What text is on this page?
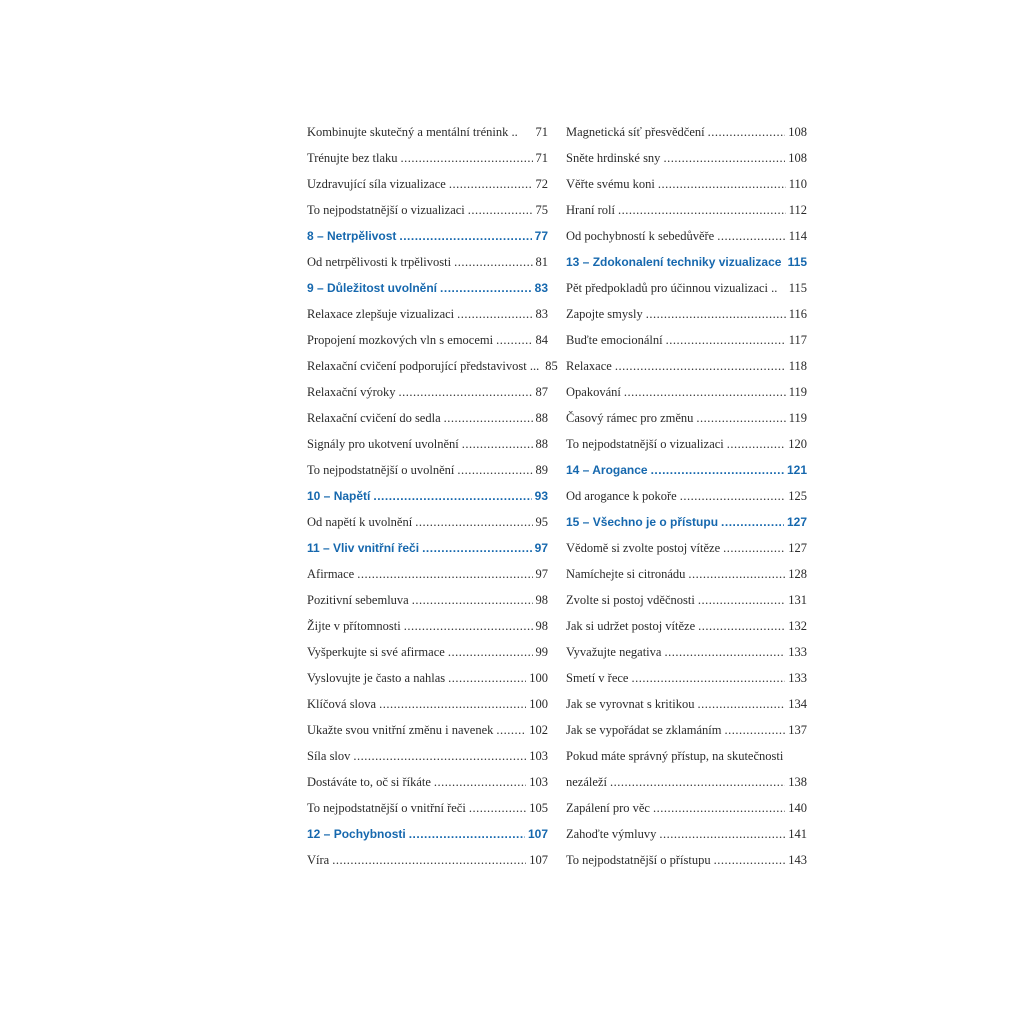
Kombinujte skutečný a mentální trénink .. 71
Trénujte bez tlaku .....	71
Uzdravující síla vizualizace .....	72
To nejpodstatnější o vizualizaci .....	75
8 – Netrpělivost .....	77
Od netrpělivosti k trpělivosti .....	81
9 – Důležitost uvolnění .....	83
Relaxace zlepšuje vizualizaci .....	83
Propojení mozkových vln s emocemi .....	84
Relaxační cvičení podporující představivost ... 85
Relaxační výroky .....	87
Relaxační cvičení do sedla .....	88
Signály pro ukotvení uvolnění .....	88
To nejpodstatnější o uvolnění .....	89
10 – Napětí .....	93
Od napětí k uvolnění .....	95
11 – Vliv vnitřní řeči .....	97
Afirmace .....	97
Pozitivní sebemluva .....	98
Žijte v přítomnosti .....	98
Vyšperkujte si své afirmace .....	99
Vyslovujte je často a nahlas .....	100
Klíčová slova .....	100
Ukažte svou vnitřní změnu i navenek .....	102
Síla slov .....	103
Dostáváte to, oč si říkáte .....	103
To nejpodstatnější o vnitřní řeči .....	105
12 – Pochybnosti .....	107
Víra .....	107
Magnetická síť přesvědčení .....	108
Sněte hrdinské sny .....	108
Věřte svému koni .....	110
Hraní rolí .....	112
Od pochybností k sebedůvěře .....	114
13 – Zdokonalení techniky vizualizace 115
Pět předpokladů pro účinnou vizualizaci .. 115
Zapojte smysly .....	116
Buďte emocionální .....	117
Relaxace .....	118
Opakování .....	119
Časový rámec pro změnu .....	119
To nejpodstatnější o vizualizaci .....	120
14 – Arogance .....	121
Od arogance k pokoře .....	125
15 – Všechno je o přístupu .....	127
Vědomě si zvolte postoj vítěze .....	127
Namíchejte si citronádu .....	128
Zvolte si postoj vděčnosti .....	131
Jak si udržet postoj vítěze .....	132
Vyvažujte negativa .....	133
Smetí v řece .....	133
Jak se vyrovnat s kritikou .....	134
Jak se vypořádat se zklamáním .....	137
Pokud máte správný přístup, na skutečnosti
nezáleží .....	138
Zapálení pro věc .....	140
Zahoďte výmluvy .....	141
To nejpodstatnější o přístupu .....	143
